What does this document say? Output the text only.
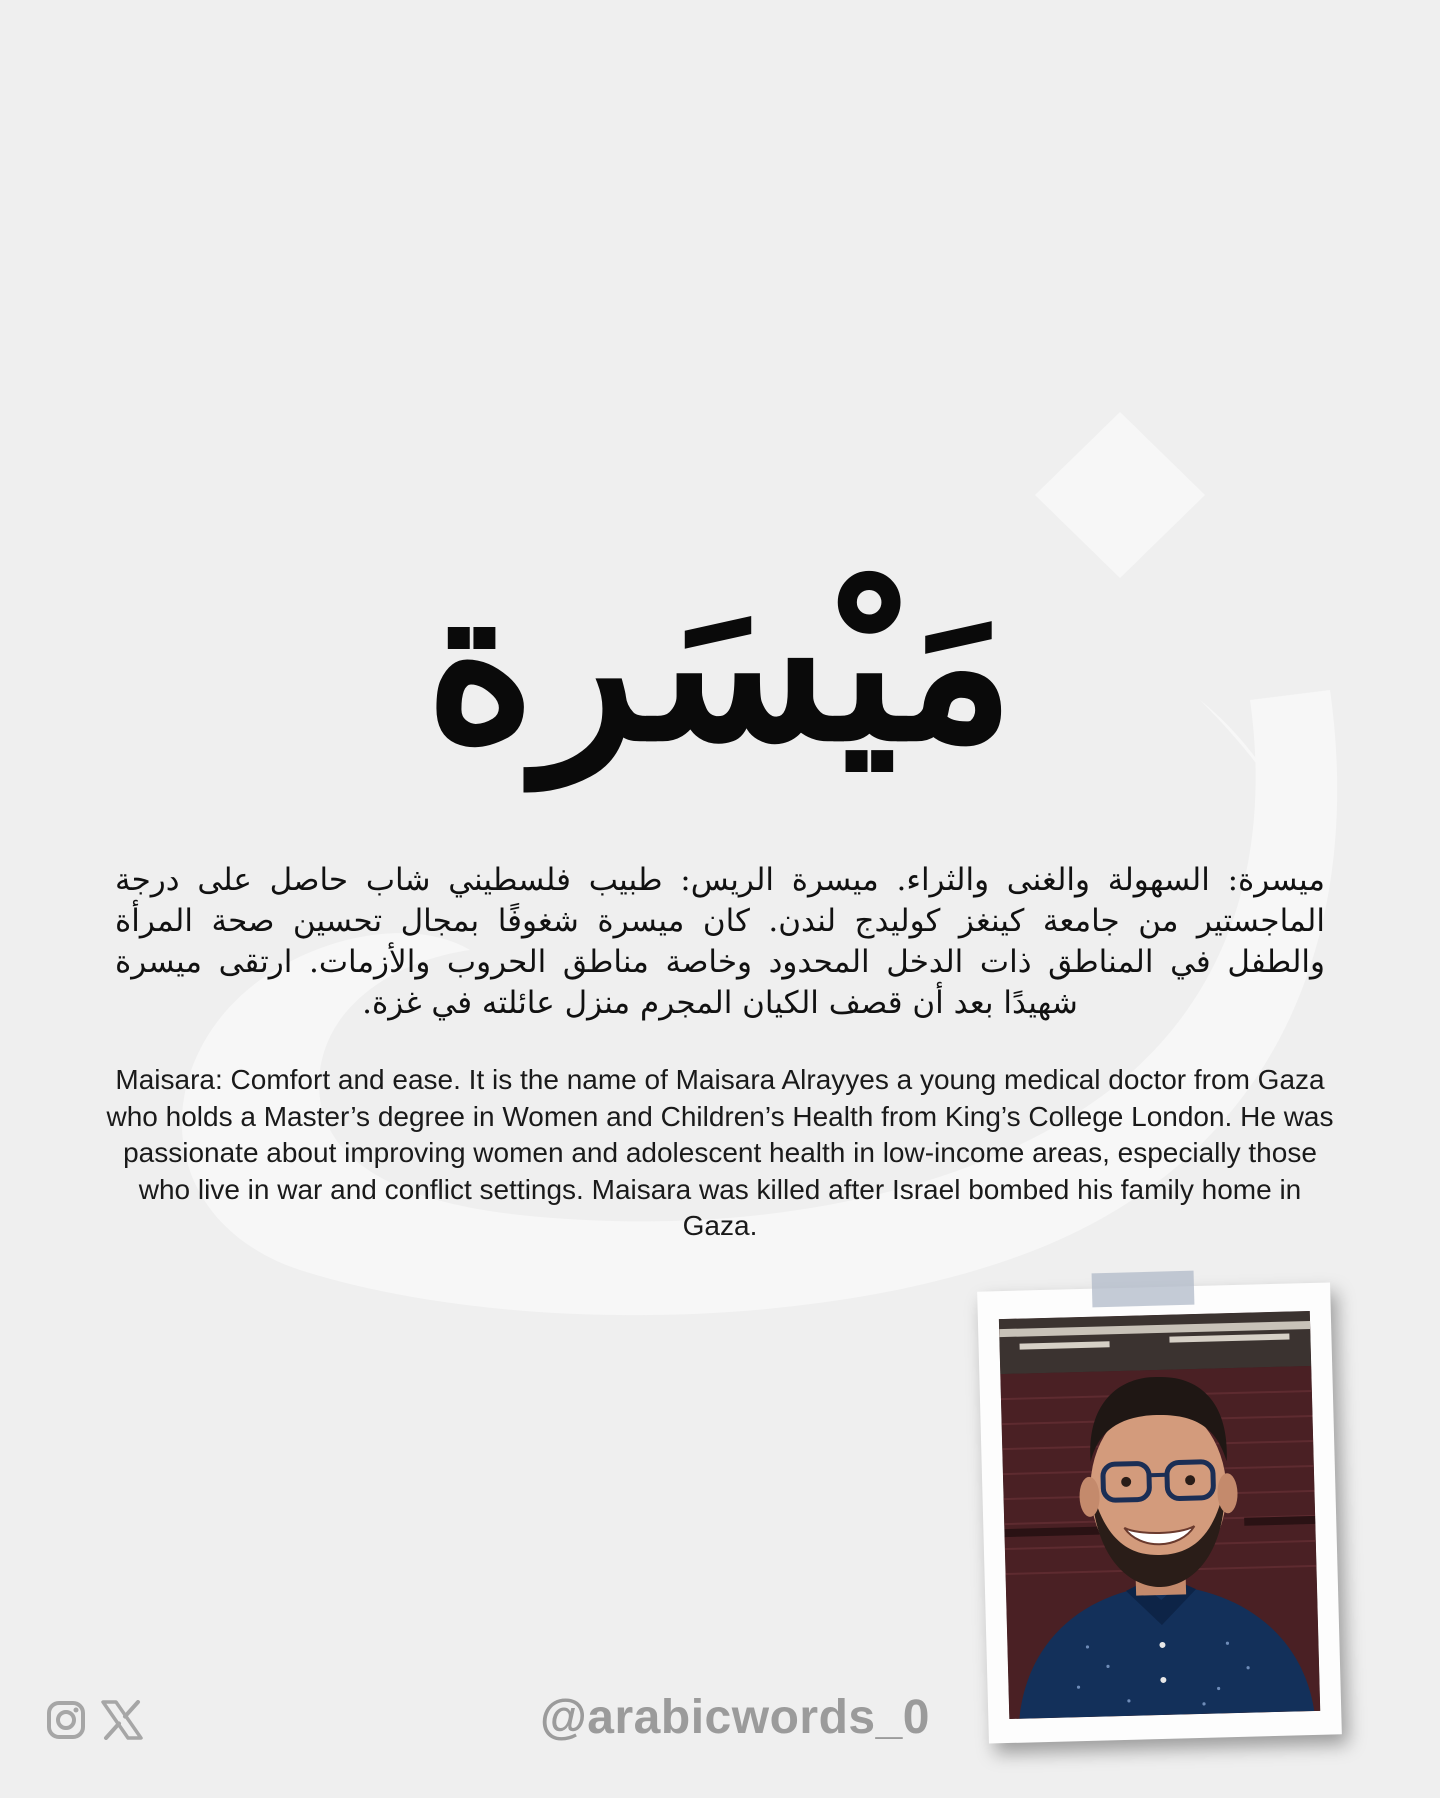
مَيْسَرة
ميسرة: السهولة والغنى والثراء. ميسرة الريس: طبيب فلسطيني شاب حاصل على درجة الماجستير من جامعة كينغز كوليدج لندن. كان ميسرة شغوفًا بمجال تحسين صحة المرأة والطفل في المناطق ذات الدخل المحدود وخاصة مناطق الحروب والأزمات. ارتقى ميسرة شهيدًا بعد أن قصف الكيان المجرم منزل عائلته في غزة.
Maisara: Comfort and ease. It is the name of Maisara Alrayyes a young medical doctor from Gaza who holds a Master’s degree in Women and Children’s Health from King’s College London. He was passionate about improving women and adolescent health in low-income areas, especially those who live in war and conflict settings. Maisara was killed after Israel bombed his family home in Gaza.
@arabicwords_0
